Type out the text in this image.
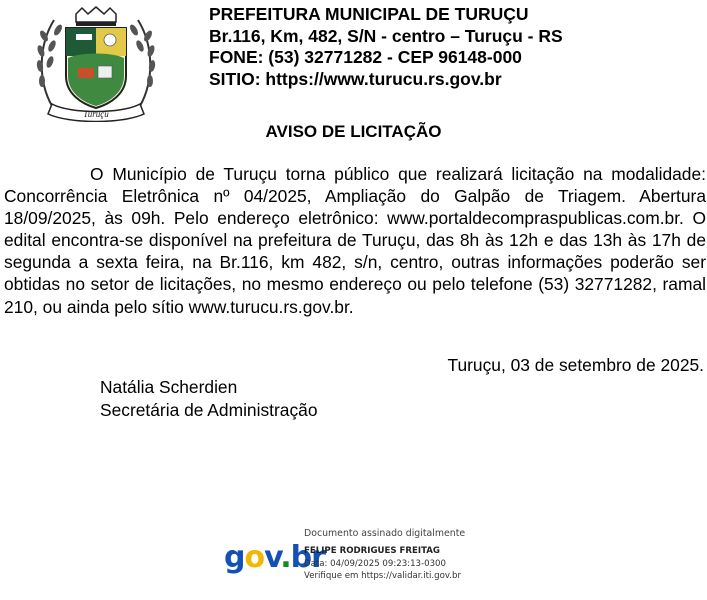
Turuçu
PREFEITURA MUNICIPAL DE TURUÇU
Br.116, Km, 482, S/N - centro – Turuçu - RS
FONE: (53) 32771282 - CEP 96148-000
SITIO: https://www.turucu.rs.gov.br
AVISO DE LICITAÇÃO

O Município de Turuçu torna público que realizará licitação na modalidade: Concorrência Eletrônica nº 04/2025, Ampliação do Galpão de Triagem. Abertura 18/09/2025, às 09h. Pelo endereço eletrônico: www.portaldecompraspublicas.com.br. O edital encontra-se disponível na prefeitura de Turuçu, das 8h às 12h e das 13h às 17h de segunda a sexta feira, na Br.116, km 482, s/n, centro, outras informações poderão ser obtidas no setor de licitações, no mesmo endereço ou pelo telefone (53) 32771282, ramal 210, ou ainda pelo sítio www.turucu.rs.gov.br.

Turuçu, 03 de setembro de 2025.
Natália Scherdien
Secretária de Administração
gov.br
Documento assinado digitalmente
FELIPE RODRIGUES FREITAG
Data: 04/09/2025 09:23:13-0300
Verifique em https://validar.iti.gov.br
